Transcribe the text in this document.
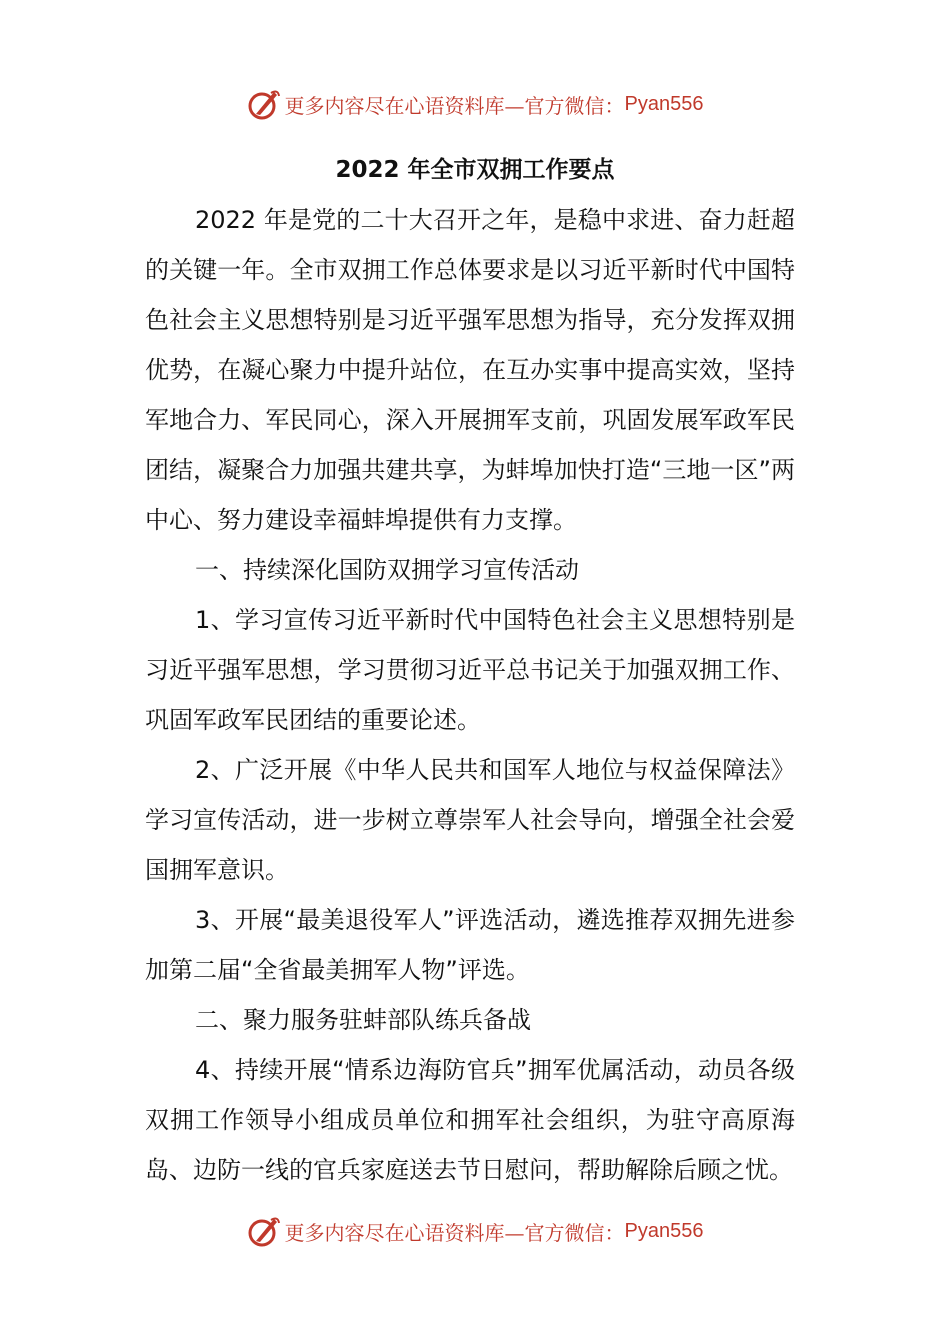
更多内容尽在心语资料库—官方微信： Pyan556
2022 年全市双拥工作要点

2022 年是党的二十大召开之年，是稳中求进、奋力赶超的关键一年。全市双拥工作总体要求是以习近平新时代中国特色社会主义思想特别是习近平强军思想为指导，充分发挥双拥优势，在凝心聚力中提升站位，在互办实事中提高实效，坚持军地合力、军民同心，深入开展拥军支前，巩固发展军政军民团结，凝聚合力加强共建共享，为蚌埠加快打造“三地一区”两中心、努力建设幸福蚌埠提供有力支撑。

一、持续深化国防双拥学习宣传活动

1、学习宣传习近平新时代中国特色社会主义思想特别是习近平强军思想，学习贯彻习近平总书记关于加强双拥工作、巩固军政军民团结的重要论述。

2、广泛开展《中华人民共和国军人地位与权益保障法》学习宣传活动，进一步树立尊崇军人社会导向，增强全社会爱国拥军意识。

3、开展“最美退役军人”评选活动，遴选推荐双拥先进参加第二届“全省最美拥军人物”评选。

二、聚力服务驻蚌部队练兵备战

4、持续开展“情系边海防官兵”拥军优属活动，动员各级双拥工作领导小组成员单位和拥军社会组织，为驻守高原海岛、边防一线的官兵家庭送去节日慰问，帮助解除后顾之忧。

更多内容尽在心语资料库—官方微信： Pyan556
